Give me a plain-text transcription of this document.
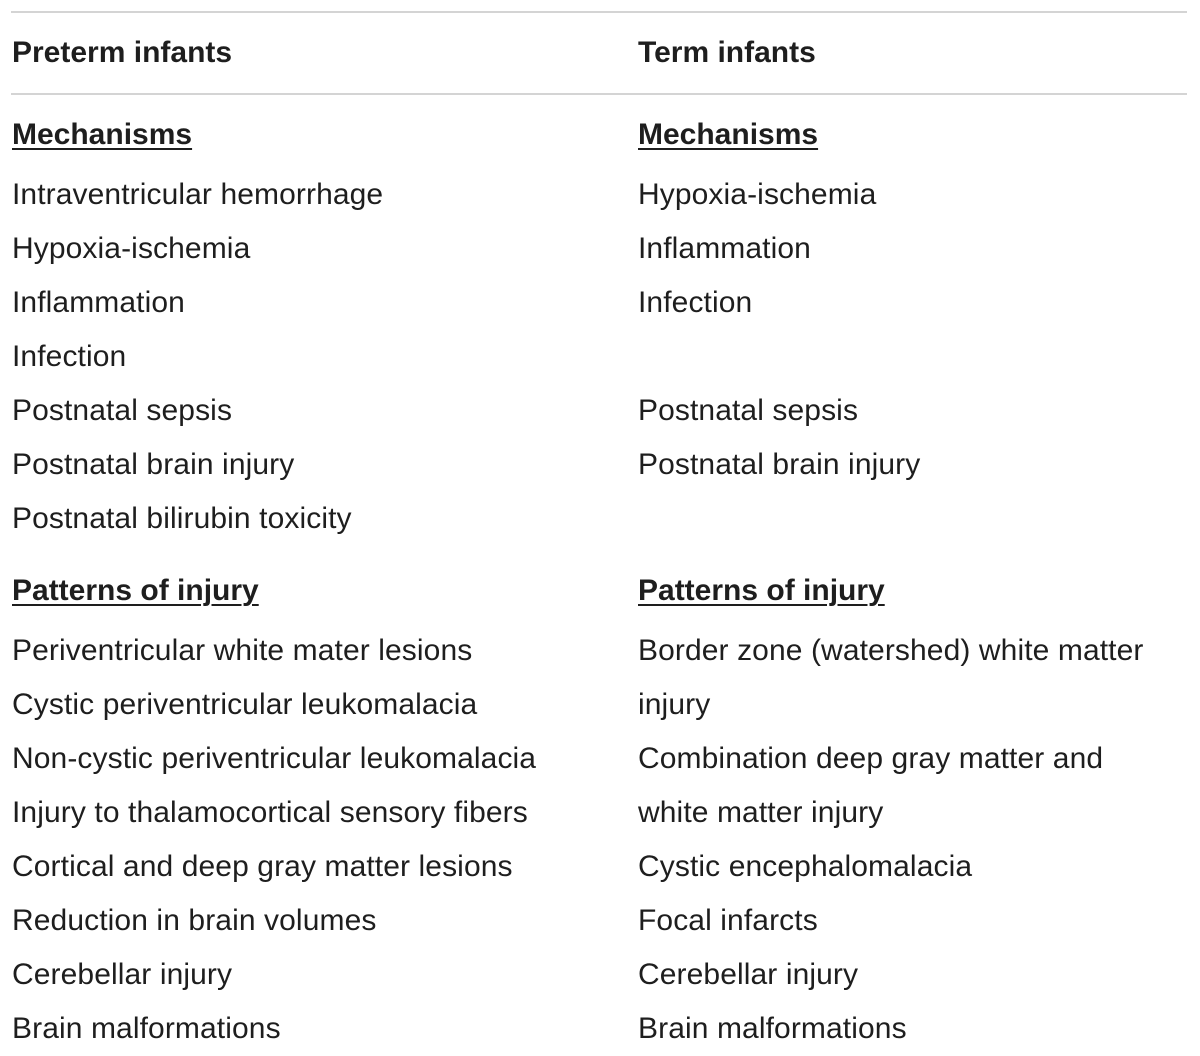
Preterm infants
Mechanisms
Intraventricular hemorrhage
Hypoxia-ischemia
Inflammation
Infection
Postnatal sepsis
Postnatal brain injury
Postnatal bilirubin toxicity
Patterns of injury
Periventricular white mater lesions
Cystic periventricular leukomalacia
Non-cystic periventricular leukomalacia
Injury to thalamocortical sensory fibers
Cortical and deep gray matter lesions
Reduction in brain volumes
Cerebellar injury
Brain malformations
Term infants
Mechanisms
Hypoxia-ischemia
Inflammation
Infection
Postnatal sepsis
Postnatal brain injury
Patterns of injury
Border zone (watershed) white matter
injury
Combination deep gray matter and
white matter injury
Cystic encephalomalacia
Focal infarcts
Cerebellar injury
Brain malformations
